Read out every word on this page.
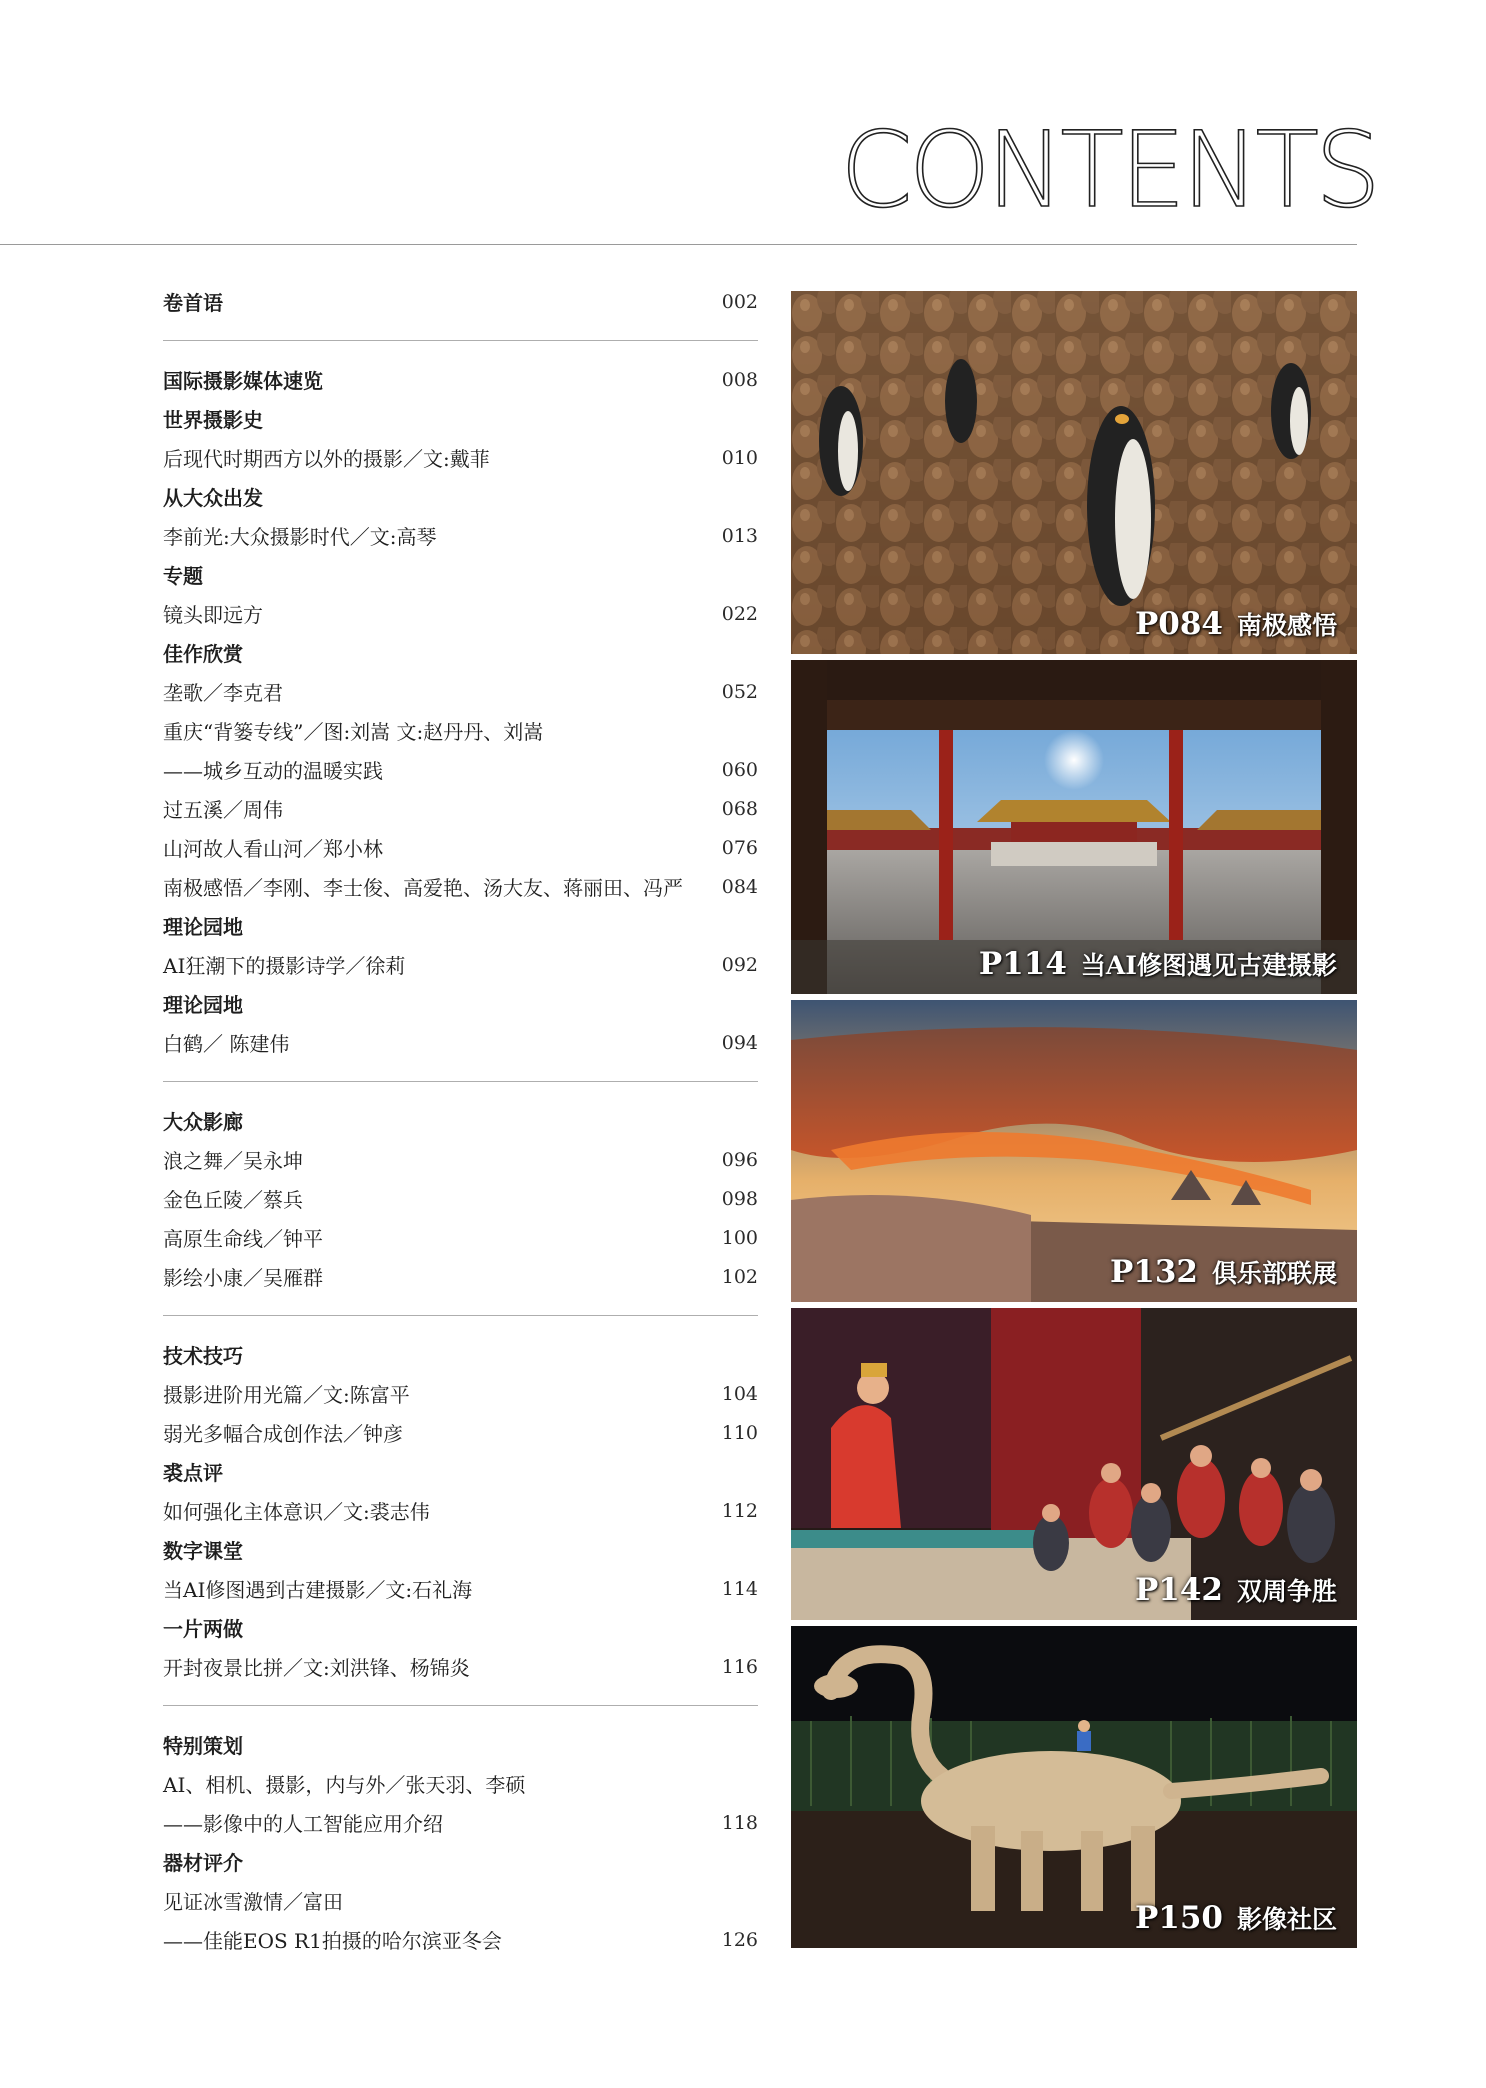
CONTENTS
卷首语	002
国际摄影媒体速览	008
世界摄影史
后现代时期西方以外的摄影／文:戴菲	010
从大众出发
李前光:大众摄影时代／文:高琴	013
专题
镜头即远方	022
佳作欣赏
垄歌／李克君	052
重庆“背篓专线”／图:刘嵩 文:赵丹丹、刘嵩
——城乡互动的温暖实践	060
过五溪／周伟	068
山河故人看山河／郑小林	076
南极感悟／李刚、李士俊、高爱艳、汤大友、蒋丽田、冯严 084
理论园地
AI狂潮下的摄影诗学／徐莉	092
理论园地
白鹤／ 陈建伟	094
大众影廊
浪之舞／吴永坤	096
金色丘陵／蔡兵	098
高原生命线／钟平	100
影绘小康／吴雁群	102
技术技巧
摄影进阶用光篇／文:陈富平	104
弱光多幅合成创作法／钟彦	110
裘点评
如何强化主体意识／文:裘志伟	112
数字课堂
当AI修图遇到古建摄影／文:石礼海	114
一片两做
开封夜景比拼／文:刘洪锋、杨锦炎	116
特别策划
AI、相机、摄影，内与外／张天羽、李硕
——影像中的人工智能应用介绍	118
器材评介
见证冰雪激情／富田
——佳能EOS R1拍摄的哈尔滨亚冬会	126
P084 南极感悟
P114 当AI修图遇见古建摄影
P132 俱乐部联展
P142 双周争胜
P150 影像社区
